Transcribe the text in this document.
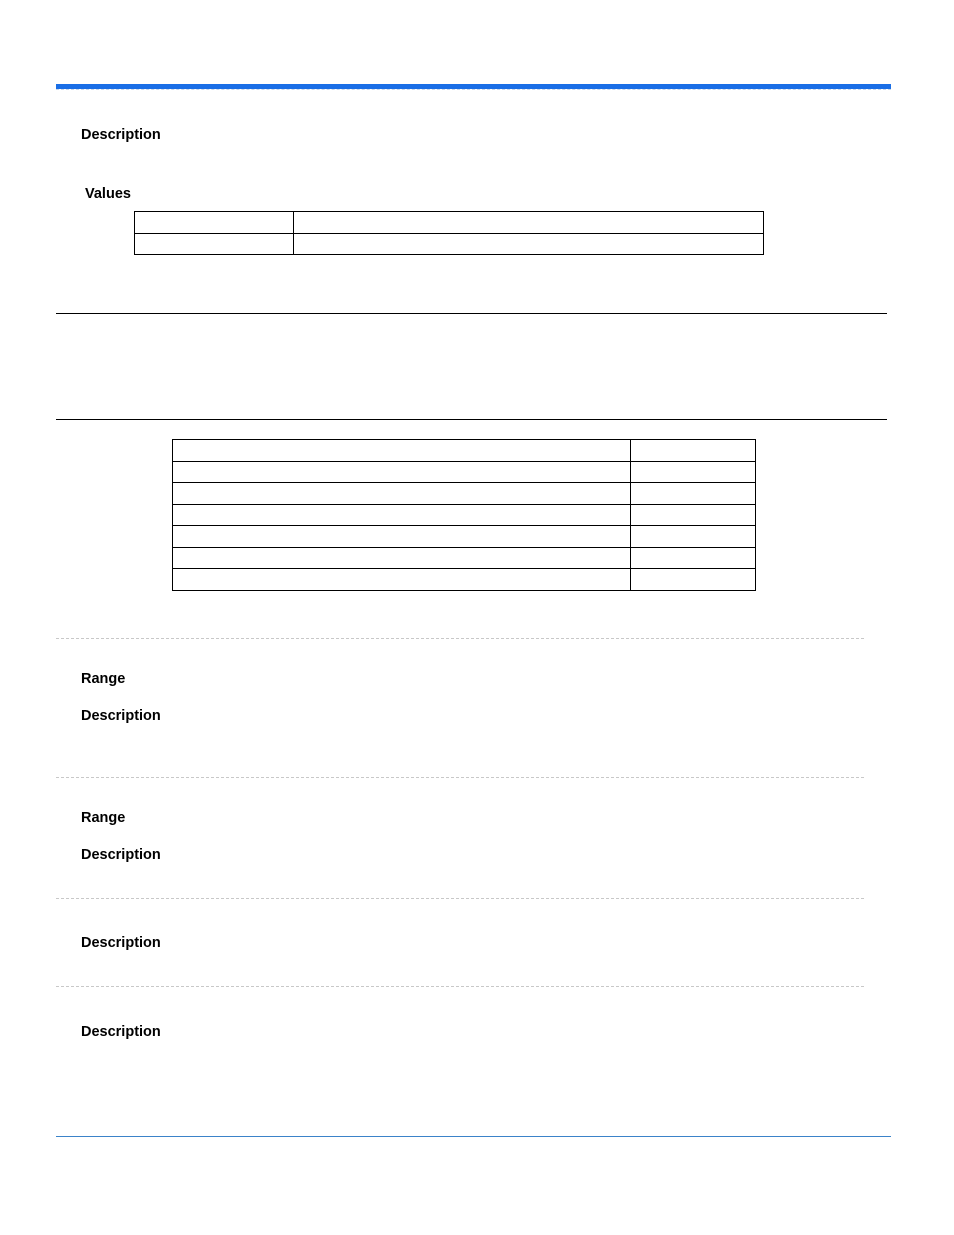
Description
Values

Range
Description
Range
Description
Description
Description
